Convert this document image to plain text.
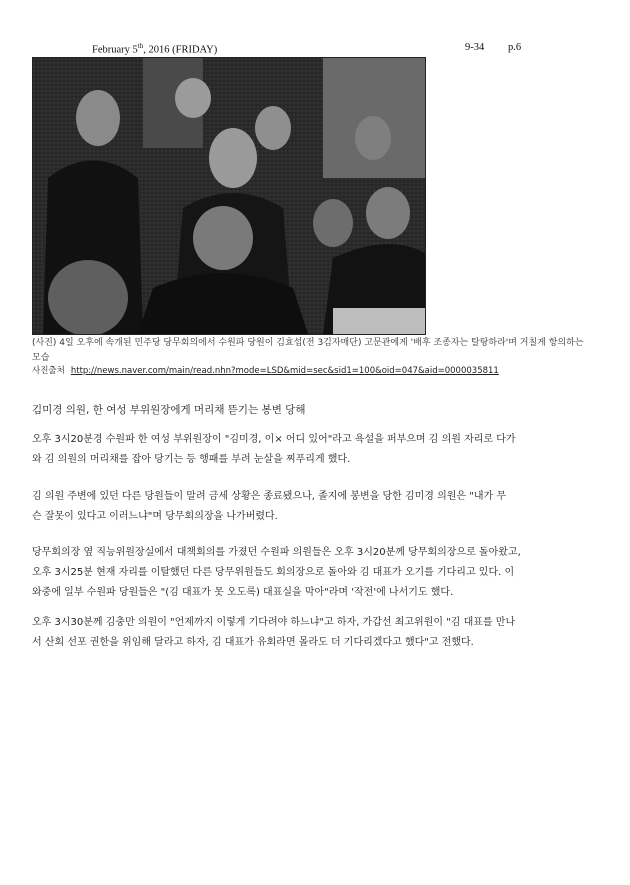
February 5th, 2016 (FRIDAY)	9-34 p.6
(사진) 4일 오후에 속개된 민주당 당무회의에서 수원파 당원이 김효섭(전 3김자매단) 고문관에게 '배후 조종자는 탈탕하라'며 거칠게 항의하는
모습
사진출처 http://news.naver.com/main/read.nhn?mode=LSD&mid=sec&sid1=100&oid=047&aid=0000035811
김미경 의원, 한 여성 부위원장에게 머리채 뜯기는 봉변 당해
오후 3시20분경 수원파 한 여성 부위원장이 "김미경, 이× 어디 있어"라고 욕설을 퍼부으며 김 의원 자리로 다가
와 김 의원의 머리채를 잡아 당기는 등 행패를 부려 눈살을 찌푸리게 했다.
김 의원 주변에 있던 다른 당원들이 말려 금세 상황은 종료됐으나, 졸지에 봉변을 당한 김미경 의원은 "내가 무
슨 잘못이 있다고 이러느냐"며 당무회의장을 나가버렸다.
당무회의장 옆 직능위원장실에서 대책회의를 가졌던 수원파 의원들은 오후 3시20분께 당무회의장으로 돌아왔고,
오후 3시25분 현재 자리를 이탈했던 다른 당무위원들도 회의장으로 돌아와 김 대표가 오기를 기다리고 있다. 이
와중에 일부 수원파 당원들은 "(김 대표가 못 오도록) 대표실을 막아"라며 '작전'에 나서기도 했다.
오후 3시30분께 김충만 의원이 "언제까지 이렇게 기다려야 하느냐"고 하자, 가갑선 최고위원이 "김 대표를 만나
서 산회 선포 권한을 위임해 달라고 하자, 김 대표가 유회라면 몰라도 더 기다리겠다고 했다"고 전했다.
